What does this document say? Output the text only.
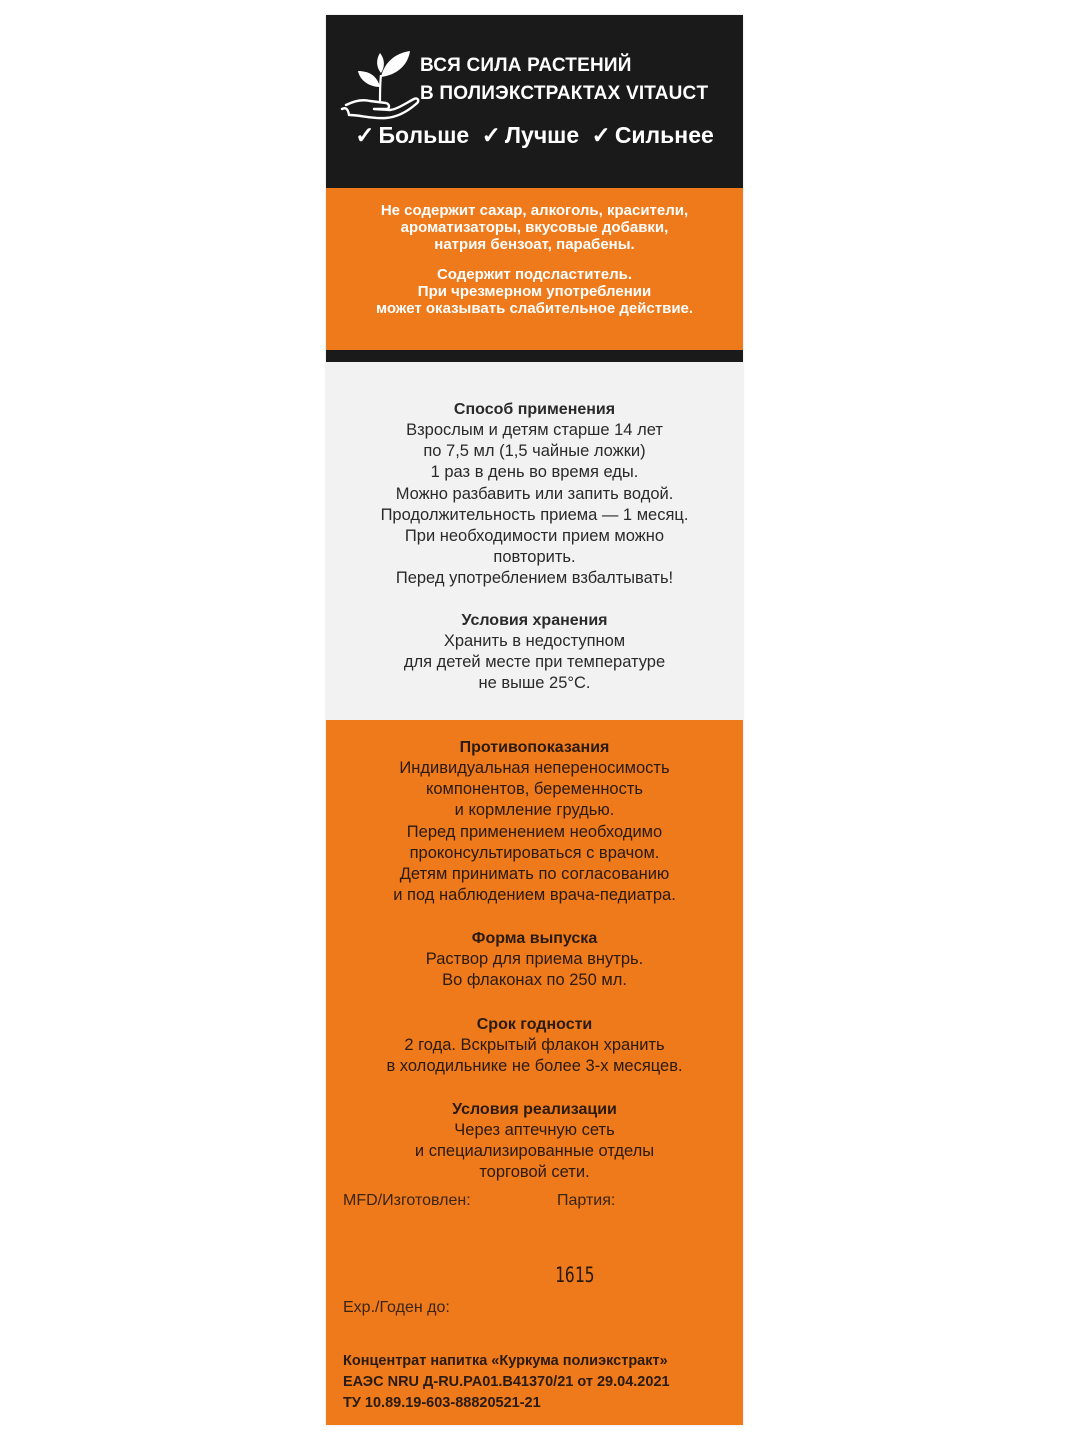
ВСЯ СИЛА РАСТЕНИЙ
В ПОЛИЭКСТРАКТАХ VITAUCT
✓ Больше ✓ Лучше ✓ Сильнее
Не содержит сахар, алкоголь, красители,
ароматизаторы, вкусовые добавки,
натрия бензоат, парабены.
Содержит подсластитель.
При чрезмерном употреблении
может оказывать слабительное действие.
Способ применения
Взрослым и детям старше 14 лет
по 7,5 мл (1,5 чайные ложки)
1 раз в день во время еды.
Можно разбавить или запить водой.
Продолжительность приема — 1 месяц.
При необходимости прием можно
повторить.
Перед употреблением взбалтывать!
Условия хранения
Хранить в недоступном
для детей месте при температуре
не выше 25°С.
Противопоказания
Индивидуальная непереносимость
компонентов, беременность
и кормление грудью.
Перед применением необходимо
проконсультироваться с врачом.
Детям принимать по согласованию
и под наблюдением врача-педиатра.
Форма выпуска
Раствор для приема внутрь.
Во флаконах по 250 мл.
Срок годности
2 года. Вскрытый флакон хранить
в холодильнике не более 3-х месяцев.
Условия реализации
Через аптечную сеть
и специализированные отделы
торговой сети.
MFD/Изготовлен:	Партия:
1615
Exp./Годен до:
Концентрат напитка «Куркума полиэкстракт»
ЕАЭС NRU Д-RU.PA01.B41370/21 от 29.04.2021
ТУ 10.89.19-603-88820521-21
